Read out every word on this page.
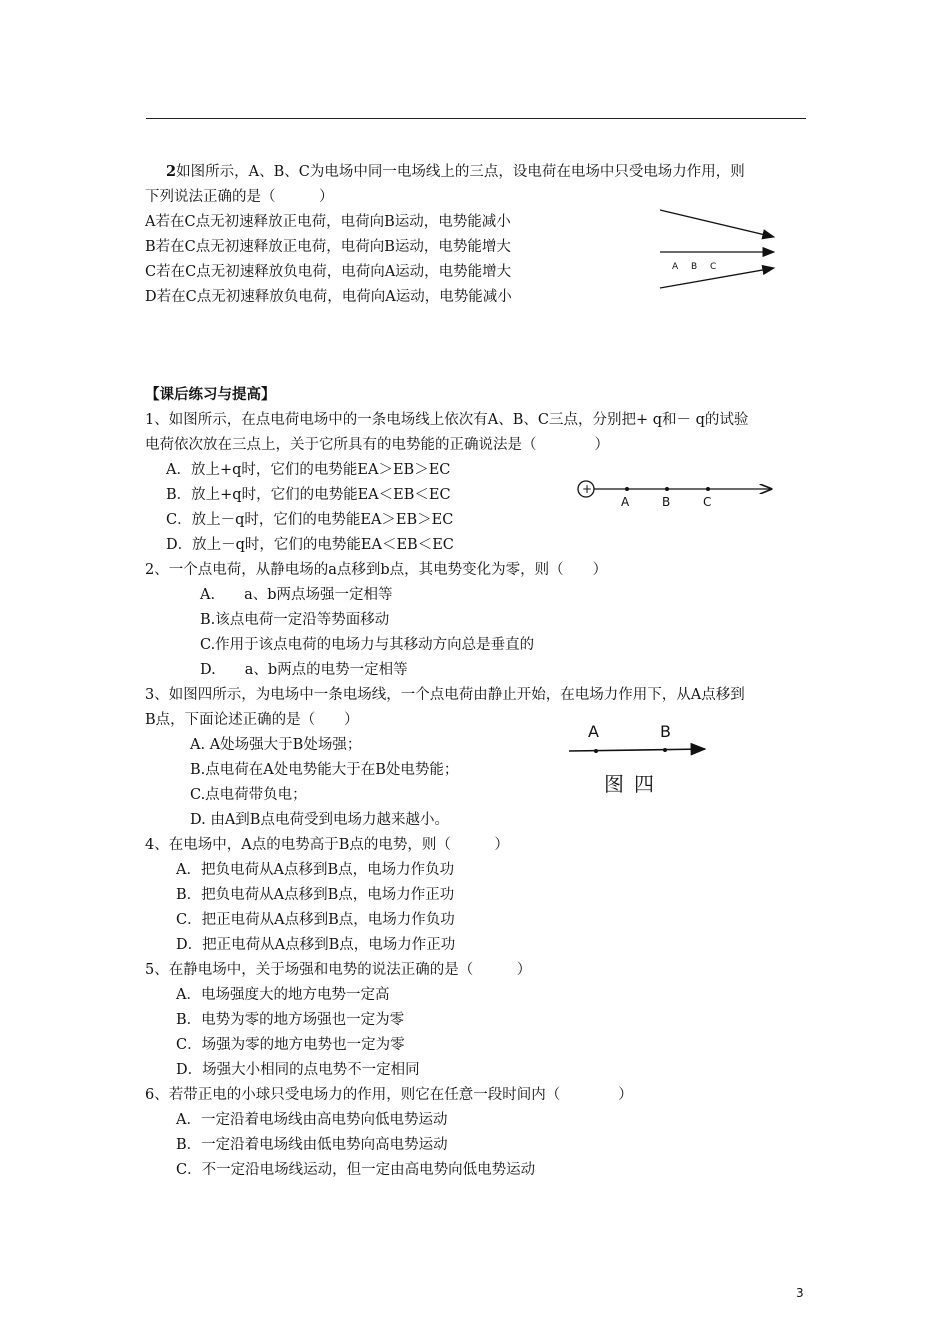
2如图所示，A、B、C为电场中同一电场线上的三点，设电荷在电场中只受电场力作用，则
下列说法正确的是（　　　）
A若在C点无初速释放正电荷，电荷向B运动，电势能减小
B若在C点无初速释放正电荷，电荷向B运动，电势能增大
C若在C点无初速释放负电荷，电荷向A运动，电势能增大
D若在C点无初速释放负电荷，电荷向A运动，电势能减小
A B C
【课后练习与提高】
1、如图所示，在点电荷电场中的一条电场线上依次有A、B、C三点，分别把+ q和－ q的试验
电荷依次放在三点上，关于它所具有的电势能的正确说法是（　　　　）
A．放上+q时，它们的电势能EA＞EB＞EC
B．放上+q时，它们的电势能EA＜EB＜EC
C．放上－q时，它们的电势能EA＞EB＞EC
D．放上－q时，它们的电势能EA＜EB＜EC
+
A	B	C
2、一个点电荷，从静电场的a点移到b点，其电势变化为零，则（　　）
A.　　a、b两点场强一定相等
B.该点电荷一定沿等势面移动
C.作用于该点电荷的电场力与其移动方向总是垂直的
D.　　a、b两点的电势一定相等
3、如图四所示，为电场中一条电场线，一个点电荷由静止开始，在电场力作用下，从A点移到
B点，下面论述正确的是（　　）
A. A处场强大于B处场强；
B.点电荷在A处电势能大于在B处电势能；
C.点电荷带负电；
D. 由A到B点电荷受到电场力越来越小。
A	B
图四
4、在电场中，A点的电势高于B点的电势，则（　　　）
A．把负电荷从A点移到B点，电场力作负功
B．把负电荷从A点移到B点，电场力作正功
C．把正电荷从A点移到B点，电场力作负功
D．把正电荷从A点移到B点，电场力作正功
5、在静电场中，关于场强和电势的说法正确的是（　　　）
A．电场强度大的地方电势一定高
B．电势为零的地方场强也一定为零
C．场强为零的地方电势也一定为零
D．场强大小相同的点电势不一定相同
6、若带正电的小球只受电场力的作用，则它在任意一段时间内（　　　　）
A．一定沿着电场线由高电势向低电势运动
B．一定沿着电场线由低电势向高电势运动
C．不一定沿电场线运动，但一定由高电势向低电势运动
3
